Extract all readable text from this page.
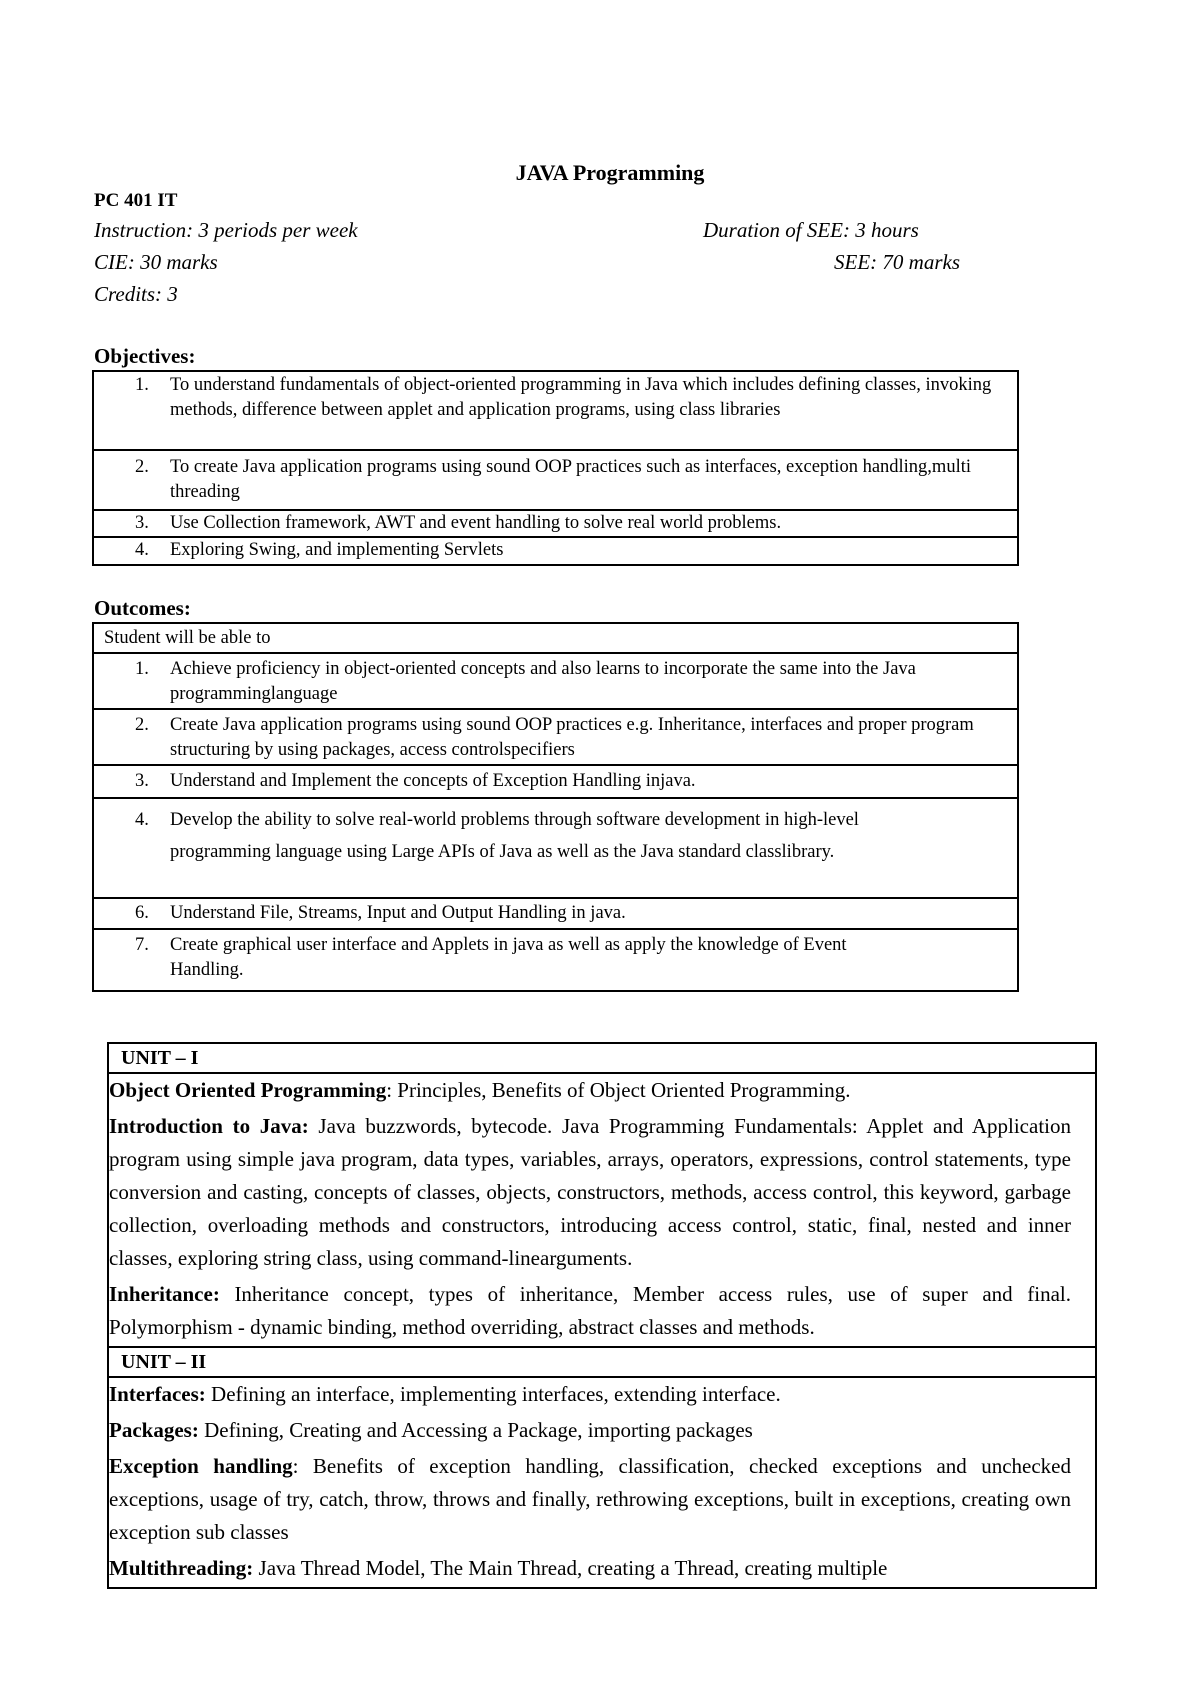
JAVA Programming
PC 401 IT
Instruction: 3 periods per week	Duration of SEE: 3 hours
CIE: 30 marks	SEE: 70 marks
Credits: 3
Objectives:
1. To understand fundamentals of object-oriented programming in Java which includes defining classes, invoking methods, difference between applet and application programs, using class libraries
2. To create Java application programs using sound OOP practices such as interfaces, exception handling,multi threading
3. Use Collection framework, AWT and event handling to solve real world problems.
4. Exploring Swing, and implementing Servlets
Outcomes:
Student will be able to
1. Achieve proficiency in object-oriented concepts and also learns to incorporate the same into the Java programminglanguage
2. Create Java application programs using sound OOP practices e.g. Inheritance, interfaces and proper program structuring by using packages, access controlspecifiers
3. Understand and Implement the concepts of Exception Handling injava.
4. Develop the ability to solve real-world problems through software development in high-level programming language using Large APIs of Java as well as the Java standard classlibrary.
6. Understand File, Streams, Input and Output Handling in java.
7. Create graphical user interface and Applets in java as well as apply the knowledge of Event Handling.
UNIT – I

Object Oriented Programming: Principles, Benefits of Object Oriented Programming.

Introduction to Java: Java buzzwords, bytecode. Java Programming Fundamentals: Applet and Application program using simple java program, data types, variables, arrays, operators, expressions, control statements, type conversion and casting, concepts of classes, objects, constructors, methods, access control, this keyword, garbage collection, overloading methods and constructors, introducing access control, static, final, nested and inner classes, exploring string class, using command-linearguments.

Inheritance: Inheritance concept, types of inheritance, Member access rules, use of super and final. Polymorphism - dynamic binding, method overriding, abstract classes and methods.

UNIT – II

Interfaces: Defining an interface, implementing interfaces, extending interface.

Packages: Defining, Creating and Accessing a Package, importing packages

Exception handling: Benefits of exception handling, classification, checked exceptions and unchecked exceptions, usage of try, catch, throw, throws and finally, rethrowing exceptions, built in exceptions, creating own exception sub classes

Multithreading: Java Thread Model, The Main Thread, creating a Thread, creating multiple
